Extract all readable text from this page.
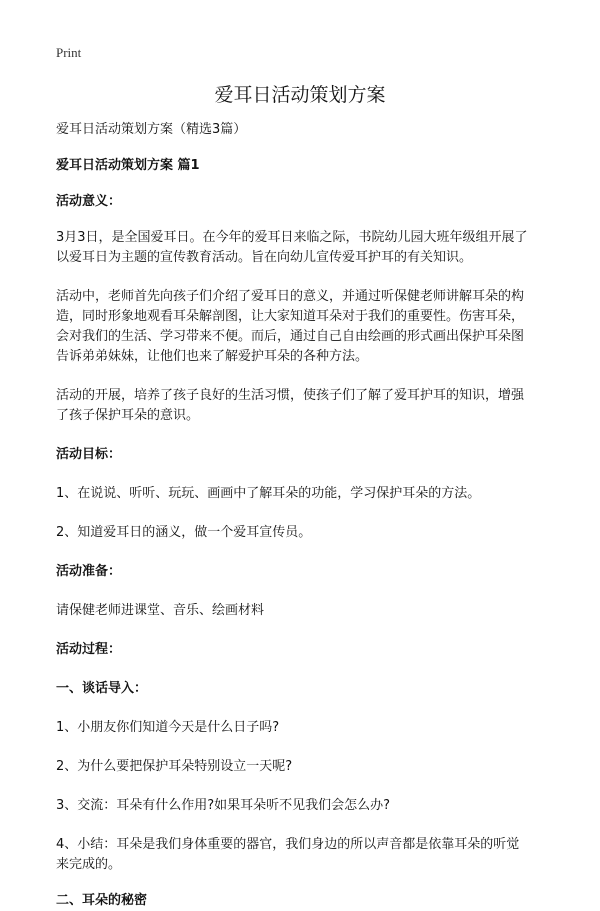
Print
爱耳日活动策划方案

爱耳日活动策划方案（精选3篇）

爱耳日活动策划方案 篇1

活动意义：

3月3日，是全国爱耳日。在今年的爱耳日来临之际，书院幼儿园大班年级组开展了

以爱耳日为主题的宣传教育活动。旨在向幼儿宣传爱耳护耳的有关知识。

活动中，老师首先向孩子们介绍了爱耳日的意义，并通过听保健老师讲解耳朵的构

造，同时形象地观看耳朵解剖图，让大家知道耳朵对于我们的重要性。伤害耳朵，

会对我们的生活、学习带来不便。而后，通过自己自由绘画的形式画出保护耳朵图

告诉弟弟妹妹，让他们也来了解爱护耳朵的各种方法。

活动的开展，培养了孩子良好的生活习惯，使孩子们了解了爱耳护耳的知识，增强

了孩子保护耳朵的意识。

活动目标：

1、在说说、听听、玩玩、画画中了解耳朵的功能，学习保护耳朵的方法。

2、知道爱耳日的涵义，做一个爱耳宣传员。

活动准备：

请保健老师进课堂、音乐、绘画材料

活动过程：

一、谈话导入：

1、小朋友你们知道今天是什么日子吗?

2、为什么要把保护耳朵特别设立一天呢?

3、交流：耳朵有什么作用?如果耳朵听不见我们会怎么办?

4、小结：耳朵是我们身体重要的器官，我们身边的所以声音都是依靠耳朵的听觉

来完成的。

二、耳朵的秘密
